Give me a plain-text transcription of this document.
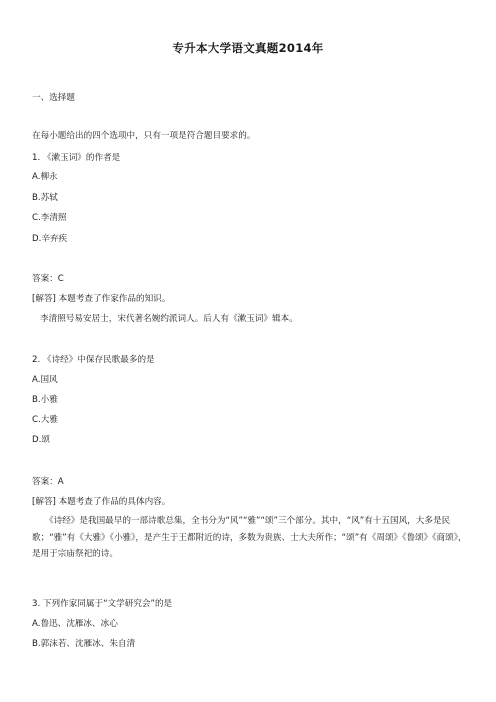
专升本大学语文真题2014年
一、选择题
在每小题给出的四个选项中，只有一项是符合题目要求的。
1. 《漱玉词》的作者是
A.柳永
B.苏轼
C.李清照
D.辛弃疾
答案：C
[解答] 本题考查了作家作品的知识。
李清照号易安居士，宋代著名婉约派词人。后人有《漱玉词》辑本。
2. 《诗经》中保存民歌最多的是
A.国风
B.小雅
C.大雅
D.颂
答案：A
[解答] 本题考查了作品的具体内容。
《诗经》是我国最早的一部诗歌总集，全书分为“风”“雅”“颂”三个部分。其中，“风”有十五国风，大多是民歌；“雅”有《大雅》《小雅》，是产生于王都附近的诗，多数为贵族、士大夫所作；“颂”有《周颂》《鲁颂》《商颂》，是用于宗庙祭祀的诗。
3. 下列作家同属于“文学研究会”的是
A.鲁迅、沈雁冰、冰心
B.郭沫若、沈雁冰、朱自清
